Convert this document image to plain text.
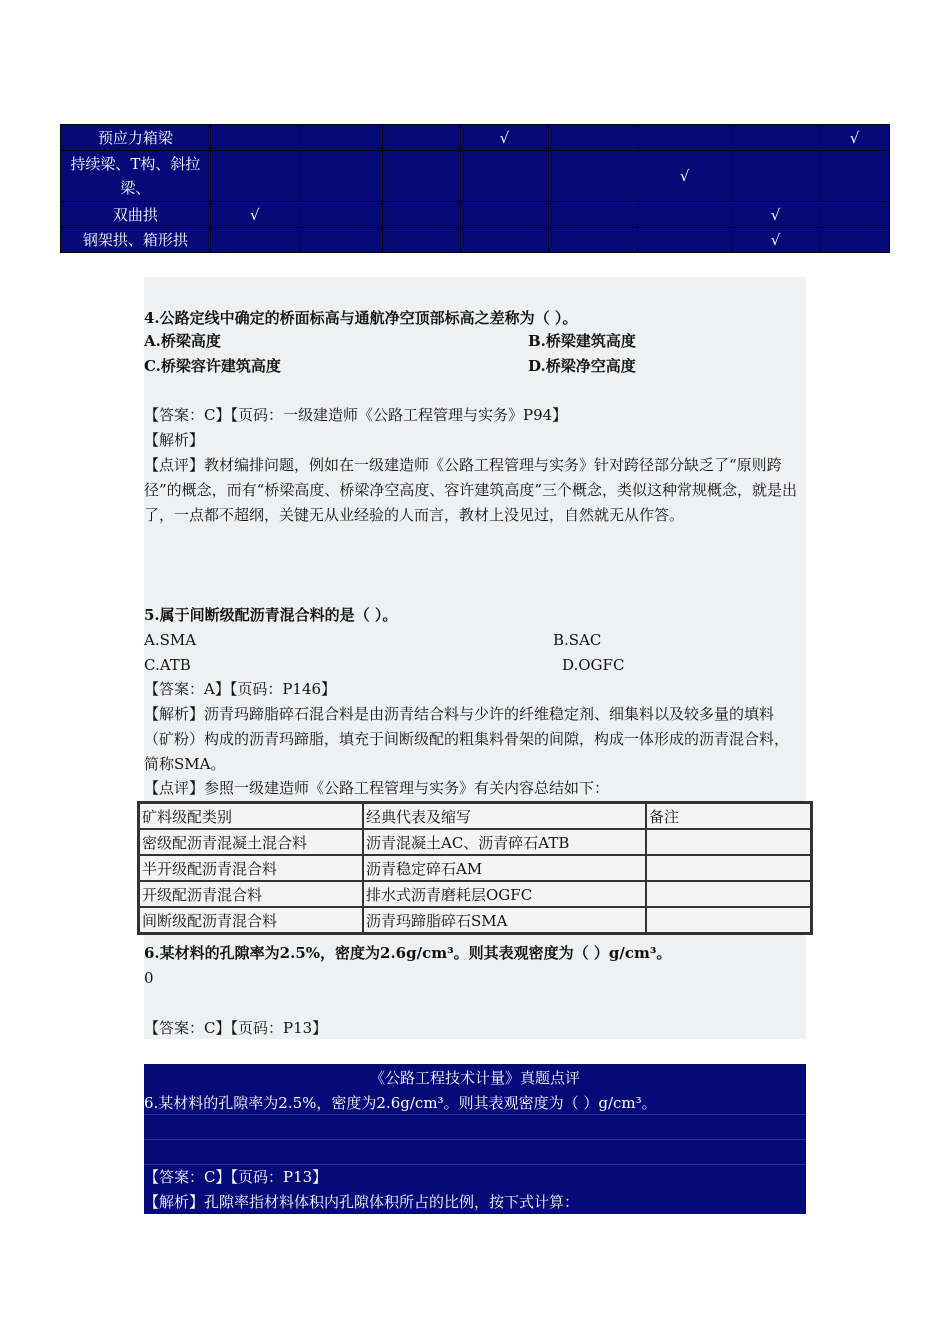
预应力箱梁				√				√
持续梁、T构、斜拉梁、						√		
双曲拱	√						√	
钢架拱、箱形拱							√	
4.公路定线中确定的桥面标高与通航净空顶部标高之差称为（ ）。
A.桥梁高度	B.桥梁建筑高度
C.桥梁容许建筑高度	D.桥梁净空高度
【答案：C】【页码：一级建造师《公路工程管理与实务》P94】
【解析】
【点评】教材编排问题，例如在一级建造师《公路工程管理与实务》针对跨径部分缺乏了“原则跨径”的概念，而有“桥梁高度、桥梁净空高度、容许建筑高度”三个概念，类似这种常规概念，就是出了，一点都不超纲，关键无从业经验的人而言，教材上没见过，自然就无从作答。
5.属于间断级配沥青混合料的是（ ）。
A.SMA	B.SAC
C.ATB	D.OGFC
【答案：A】【页码：P146】
【解析】沥青玛蹄脂碎石混合料是由沥青结合料与少许的纤维稳定剂、细集料以及较多量的填料（矿粉）构成的沥青玛蹄脂，填充于间断级配的粗集料骨架的间隙，构成一体形成的沥青混合料，简称SMA。
【点评】参照一级建造师《公路工程管理与实务》有关内容总结如下：
矿料级配类别	经典代表及缩写	备注
密级配沥青混凝土混合料	沥青混凝土AC、沥青碎石ATB	
半开级配沥青混合料	沥青稳定碎石AM	
开级配沥青混合料	排水式沥青磨耗层OGFC	
间断级配沥青混合料	沥青玛蹄脂碎石SMA	
6.某材料的孔隙率为2.5%，密度为2.6g/cm³。则其表观密度为（ ）g/cm³。
0
【答案：C】【页码：P13】
《公路工程技术计量》真题点评
6.某材料的孔隙率为2.5%，密度为2.6g/cm³。则其表观密度为（ ）g/cm³。
【答案：C】【页码：P13】
【解析】孔隙率指材料体积内孔隙体积所占的比例，按下式计算：
